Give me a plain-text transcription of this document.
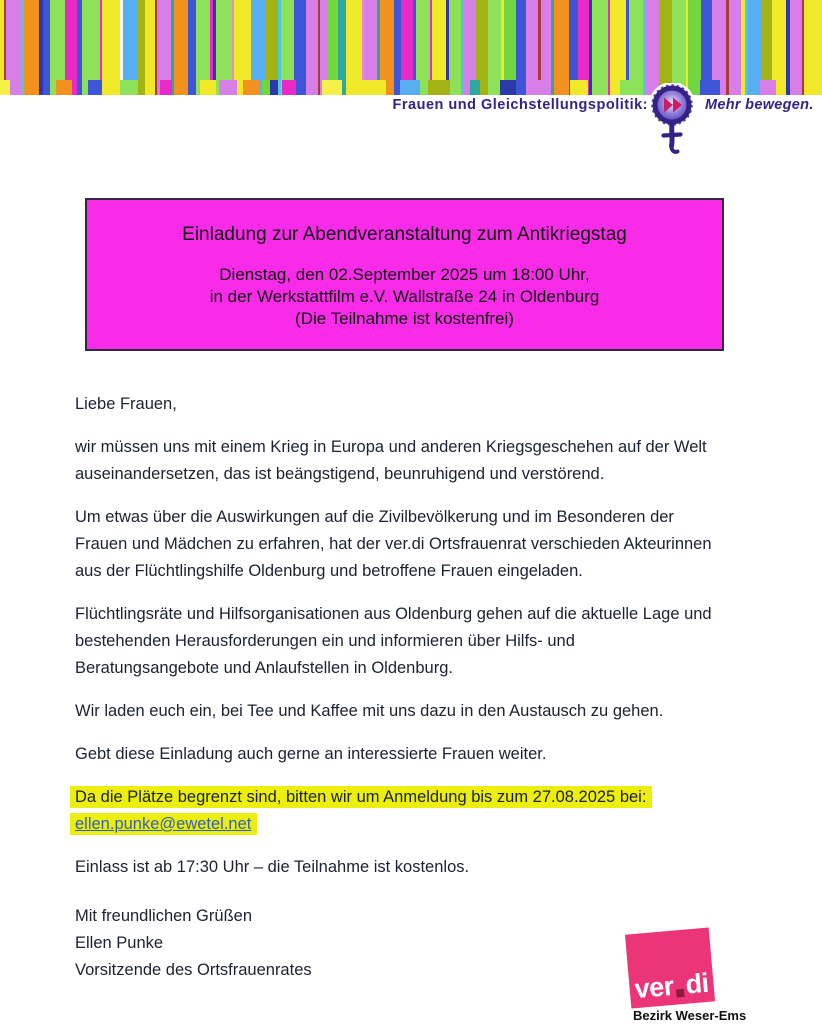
Frauen und Gleichstellungspolitik:	Mehr bewegen.
Einladung zur Abendveranstaltung zum Antikriegstag
Dienstag, den 02.September 2025 um 18:00 Uhr,
in der Werkstattfilm e.V. Wallstraße 24 in Oldenburg
(Die Teilnahme ist kostenfrei)
Liebe Frauen,
wir müssen uns mit einem Krieg in Europa und anderen Kriegsgeschehen auf der Welt
auseinandersetzen, das ist beängstigend, beunruhigend und verstörend.
Um etwas über die Auswirkungen auf die Zivilbevölkerung und im Besonderen der
Frauen und Mädchen zu erfahren, hat der ver.di Ortsfrauenrat verschieden Akteurinnen
aus der Flüchtlingshilfe Oldenburg und betroffene Frauen eingeladen.
Flüchtlingsräte und Hilfsorganisationen aus Oldenburg gehen auf die aktuelle Lage und
bestehenden Herausforderungen ein und informieren über Hilfs- und
Beratungsangebote und Anlaufstellen in Oldenburg.
Wir laden euch ein, bei Tee und Kaffee mit uns dazu in den Austausch zu gehen.
Gebt diese Einladung auch gerne an interessierte Frauen weiter.
Da die Plätze begrenzt sind, bitten wir um Anmeldung bis zum 27.08.2025 bei:
ellen.punke@ewetel.net
Einlass ist ab 17:30 Uhr – die Teilnahme ist kostenlos.
Mit freundlichen Grüßen
Ellen Punke
Vorsitzende des Ortsfrauenrates
ver di
Bezirk Weser-Ems
